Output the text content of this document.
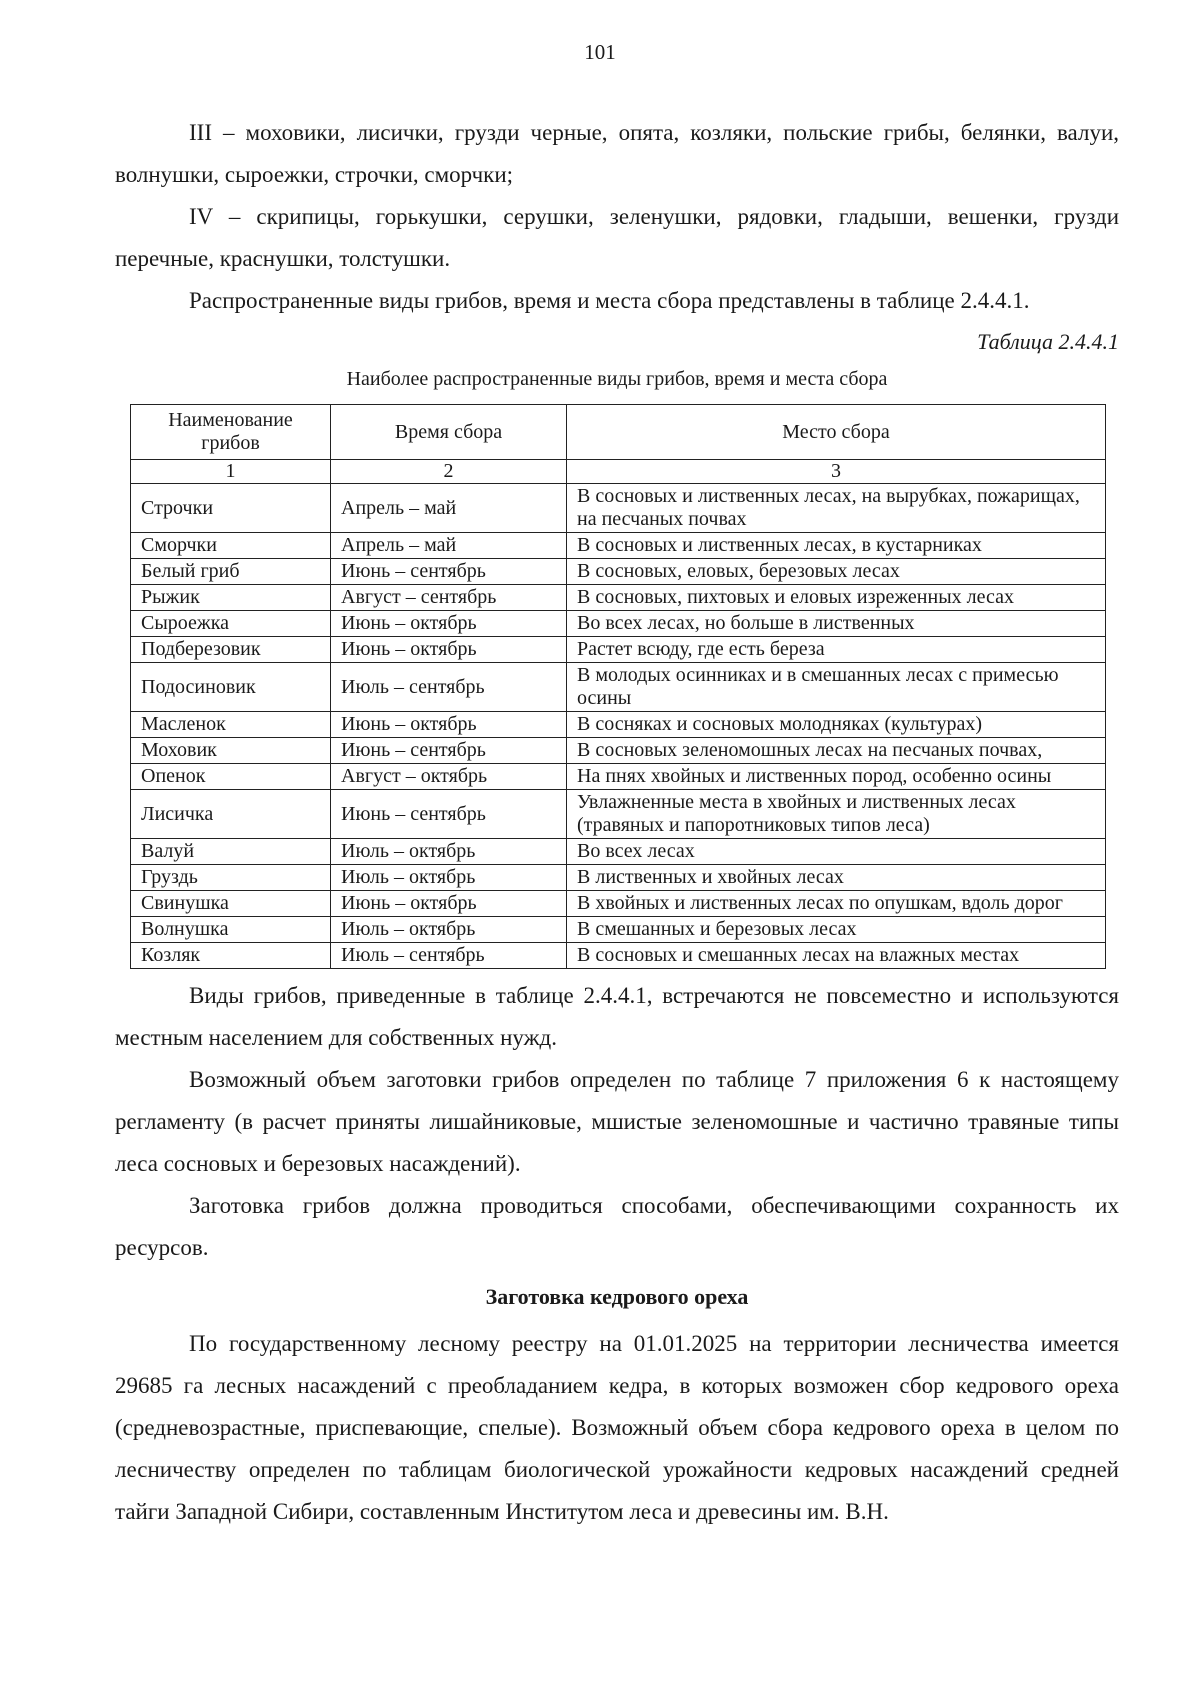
101

III – моховики, лисички, грузди черные, опята, козляки, польские грибы, белянки, валуи, волнушки, сыроежки, строчки, сморчки;

IV – скрипицы, горькушки, серушки, зеленушки, рядовки, гладыши, вешенки, грузди перечные, краснушки, толстушки.

Распространенные виды грибов, время и места сбора представлены в таблице 2.4.4.1.

Таблица 2.4.4.1

Наиболее распространенные виды грибов, время и места сбора

Наименование грибов	Время сбора	Место сбора
1	2	3
Строчки	Апрель – май	В сосновых и лиственных лесах, на вырубках, пожарищах, на песчаных почвах
Сморчки	Апрель – май	В сосновых и лиственных лесах, в кустарниках
Белый гриб	Июнь – сентябрь	В сосновых, еловых, березовых лесах
Рыжик	Август – сентябрь	В сосновых, пихтовых и еловых изреженных лесах
Сыроежка	Июнь – октябрь	Во всех лесах, но больше в лиственных
Подберезовик	Июнь – октябрь	Растет всюду, где есть береза
Подосиновик	Июль – сентябрь	В молодых осинниках и в смешанных лесах с примесью осины
Масленок	Июнь – октябрь	В сосняках и сосновых молодняках (культурах)
Моховик	Июнь – сентябрь	В сосновых зеленомошных лесах на песчаных почвах,
Опенок	Август – октябрь	На пнях хвойных и лиственных пород, особенно осины
Лисичка	Июнь – сентябрь	Увлажненные места в хвойных и лиственных лесах (травяных и папоротниковых типов леса)
Валуй	Июль – октябрь	Во всех лесах
Груздь	Июль – октябрь	В лиственных и хвойных лесах
Свинушка	Июнь – октябрь	В хвойных и лиственных лесах по опушкам, вдоль дорог
Волнушка	Июль – октябрь	В смешанных и березовых лесах
Козляк	Июль – сентябрь	В сосновых и смешанных лесах на влажных местах

Виды грибов, приведенные в таблице 2.4.4.1, встречаются не повсеместно и используются местным населением для собственных нужд.

Возможный объем заготовки грибов определен по таблице 7 приложения 6 к настоящему регламенту (в расчет приняты лишайниковые, мшистые зеленомошные и частично травяные типы леса сосновых и березовых насаждений).

Заготовка грибов должна проводиться способами, обеспечивающими сохранность их ресурсов.

Заготовка кедрового ореха

По государственному лесному реестру на 01.01.2025 на территории лесничества имеется 29685 га лесных насаждений с преобладанием кедра, в которых возможен сбор кедрового ореха (средневозрастные, приспевающие, спелые). Возможный объем сбора кедрового ореха в целом по лесничеству определен по таблицам биологической урожайности кедровых насаждений средней тайги Западной Сибири, составленным Институтом леса и древесины им. В.Н.
